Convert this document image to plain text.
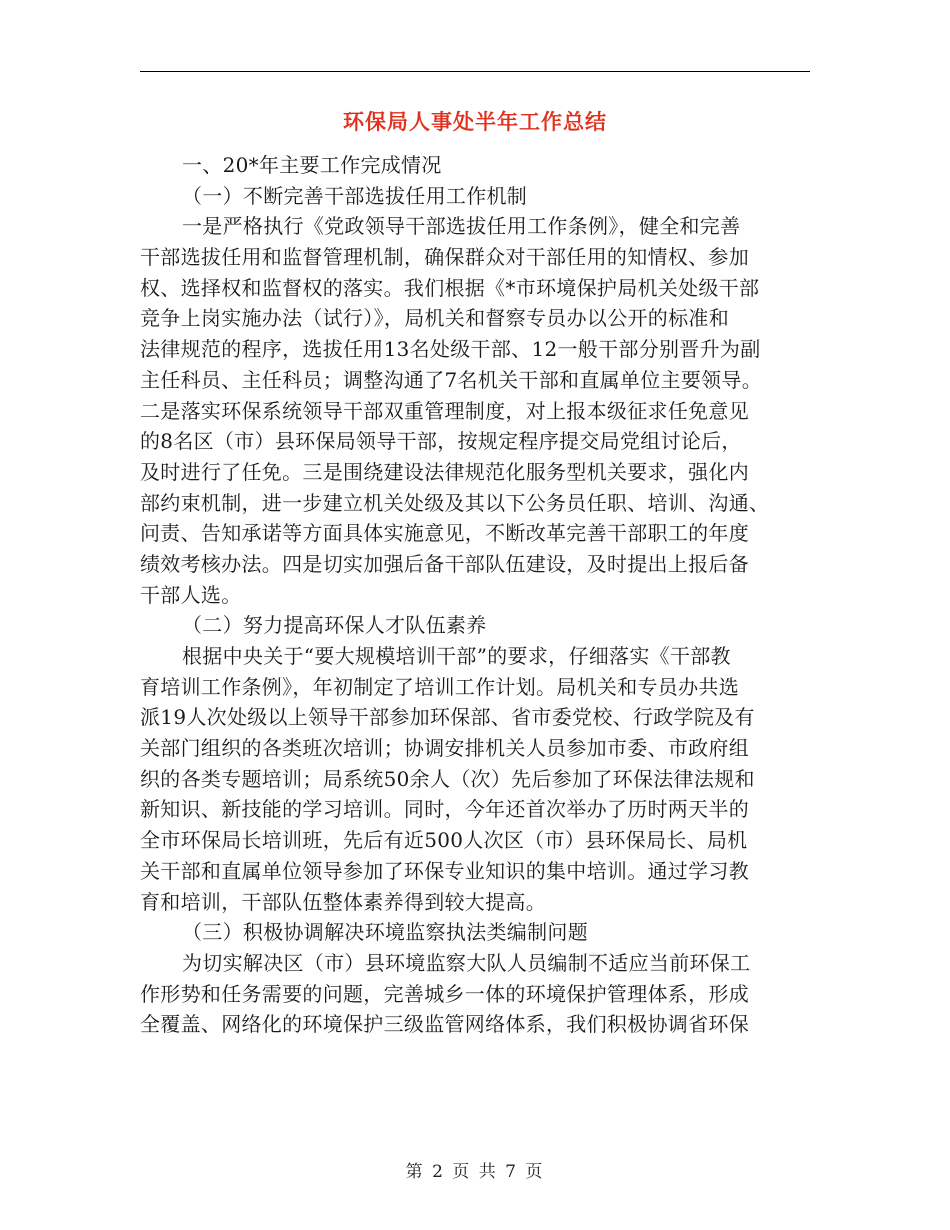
环保局人事处半年工作总结
一、20*年主要工作完成情况
（一）不断完善干部选拔任用工作机制
一是严格执行《党政领导干部选拔任用工作条例》，健全和完善
干部选拔任用和监督管理机制，确保群众对干部任用的知情权、参加
权、选择权和监督权的落实。我们根据《*市环境保护局机关处级干部
竞争上岗实施办法（试行）》，局机关和督察专员办以公开的标准和
法律规范的程序，选拔任用13名处级干部、12一般干部分别晋升为副
主任科员、主任科员；调整沟通了7名机关干部和直属单位主要领导。
二是落实环保系统领导干部双重管理制度，对上报本级征求任免意见
的8名区（市）县环保局领导干部，按规定程序提交局党组讨论后，
及时进行了任免。三是围绕建设法律规范化服务型机关要求，强化内
部约束机制，进一步建立机关处级及其以下公务员任职、培训、沟通、
问责、告知承诺等方面具体实施意见，不断改革完善干部职工的年度
绩效考核办法。四是切实加强后备干部队伍建设，及时提出上报后备
干部人选。
（二）努力提高环保人才队伍素养
根据中央关于“要大规模培训干部”的要求，仔细落实《干部教
育培训工作条例》，年初制定了培训工作计划。局机关和专员办共选
派19人次处级以上领导干部参加环保部、省市委党校、行政学院及有
关部门组织的各类班次培训；协调安排机关人员参加市委、市政府组
织的各类专题培训；局系统50余人（次）先后参加了环保法律法规和
新知识、新技能的学习培训。同时，今年还首次举办了历时两天半的
全市环保局长培训班，先后有近500人次区（市）县环保局长、局机
关干部和直属单位领导参加了环保专业知识的集中培训。通过学习教
育和培训，干部队伍整体素养得到较大提高。
（三）积极协调解决环境监察执法类编制问题
为切实解决区（市）县环境监察大队人员编制不适应当前环保工
作形势和任务需要的问题，完善城乡一体的环境保护管理体系，形成
全覆盖、网络化的环境保护三级监管网络体系，我们积极协调省环保
第 2 页 共 7 页
